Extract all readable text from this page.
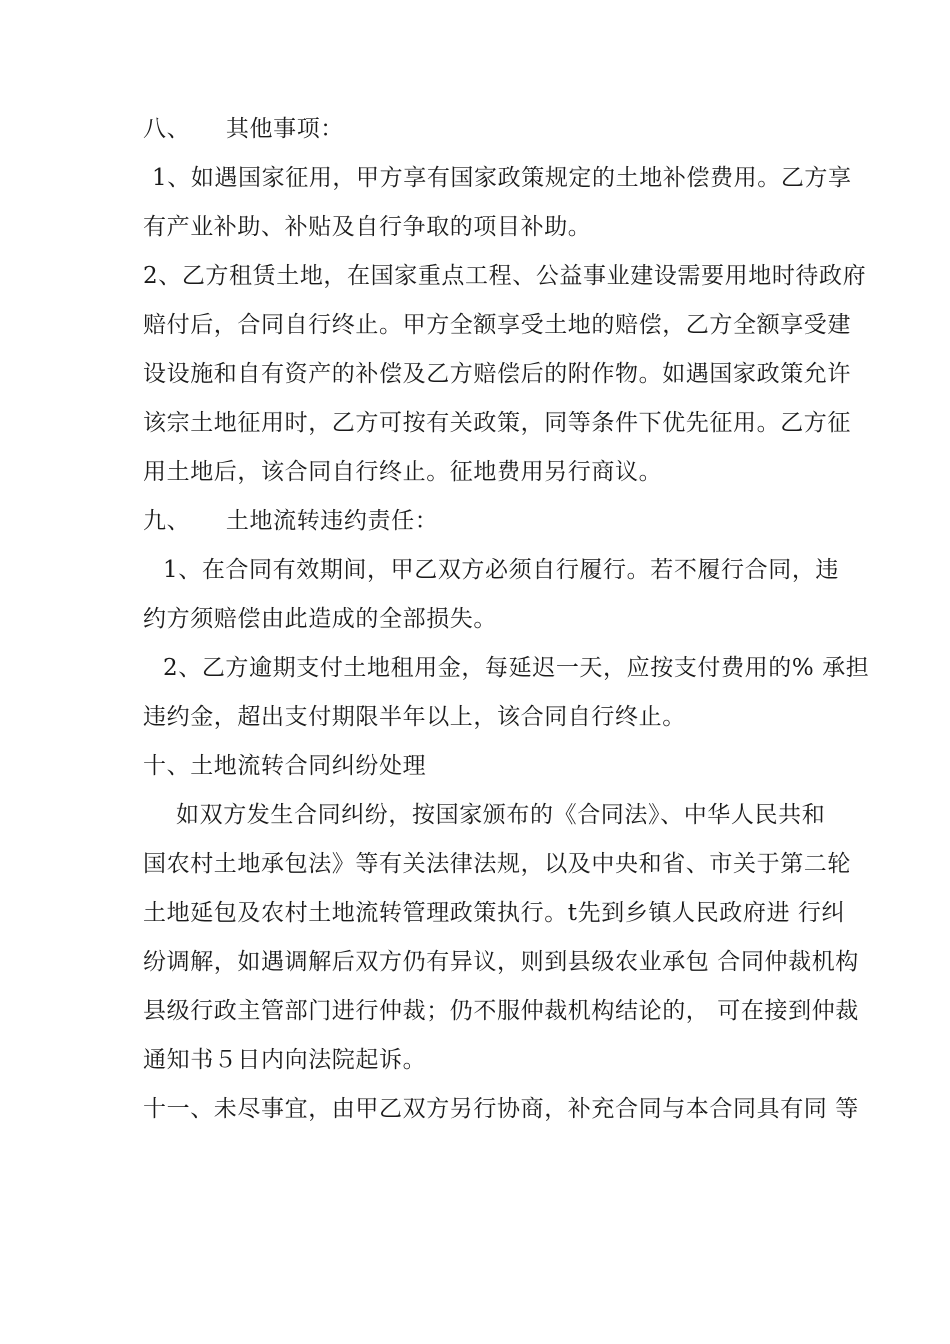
八、　　其他事项：
1、如遇国家征用，甲方享有国家政策规定的土地补偿费用。乙方享
有产业补助、补贴及自行争取的项目补助。
2、乙方租赁土地，在国家重点工程、公益事业建设需要用地时待政府
赔付后，合同自行终止。甲方全额享受土地的赔偿，乙方全额享受建
设设施和自有资产的补偿及乙方赔偿后的附作物。如遇国家政策允许
该宗土地征用时，乙方可按有关政策，同等条件下优先征用。乙方征
用土地后，该合同自行终止。征地费用另行商议。
九、　　土地流转违约责任：
1、在合同有效期间，甲乙双方必须自行履行。若不履行合同，违
约方须赔偿由此造成的全部损失。
2、乙方逾期支付土地租用金，每延迟一天，应按支付费用的% 承担
违约金，超出支付期限半年以上，该合同自行终止。
十、土地流转合同纠纷处理
如双方发生合同纠纷，按国家颁布的《合同法》、中华人民共和
国农村土地承包法》等有关法律法规，以及中央和省、市关于第二轮
土地延包及农村土地流转管理政策执行。t先到乡镇人民政府进 行纠
纷调解，如遇调解后双方仍有异议，则到县级农业承包 合同仲裁机构
县级行政主管部门进行仲裁；仍不服仲裁机构结论的， 可在接到仲裁
通知书５日内向法院起诉。
十一、未尽事宜，由甲乙双方另行协商，补充合同与本合同具有同 等
